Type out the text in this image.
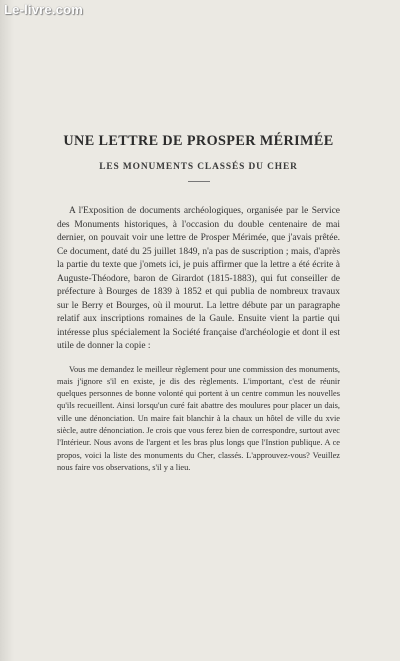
Le-livre.com
UNE LETTRE DE PROSPER MÉRIMÉE
LES MONUMENTS CLASSÉS DU CHER

A l'Exposition de documents archéologiques, organisée par le Service des Monuments historiques, à l'occasion du double centenaire de mai dernier, on pouvait voir une lettre de Prosper Mérimée, que j'avais prêtée. Ce document, daté du 25 juillet 1849, n'a pas de suscription ; mais, d'après la partie du texte que j'omets ici, je puis affirmer que la lettre a été écrite à Auguste-Théodore, baron de Girardot (1815-1883), qui fut conseiller de préfecture à Bourges de 1839 à 1852 et qui publia de nombreux travaux sur le Berry et Bourges, où il mourut. La lettre débute par un paragraphe relatif aux inscriptions romaines de la Gaule. Ensuite vient la partie qui intéresse plus spécialement la Société française d'archéologie et dont il est utile de donner la copie :

Vous me demandez le meilleur règlement pour une commission des monuments, mais j'ignore s'il en existe, je dis des règlements. L'important, c'est de réunir quelques personnes de bonne volonté qui portent à un centre commun les nouvelles qu'ils recueillent. Ainsi lorsqu'un curé fait abattre des moulures pour placer un dais, ville une dénonciation. Un maire fait blanchir à la chaux un hôtel de ville du xvie siècle, autre dénonciation. Je crois que vous ferez bien de correspondre, surtout avec l'Intérieur. Nous avons de l'argent et les bras plus longs que l'Instion publique. A ce propos, voici la liste des monuments du Cher, classés. L'approuvez-vous? Veuillez nous faire vos observations, s'il y a lieu.
